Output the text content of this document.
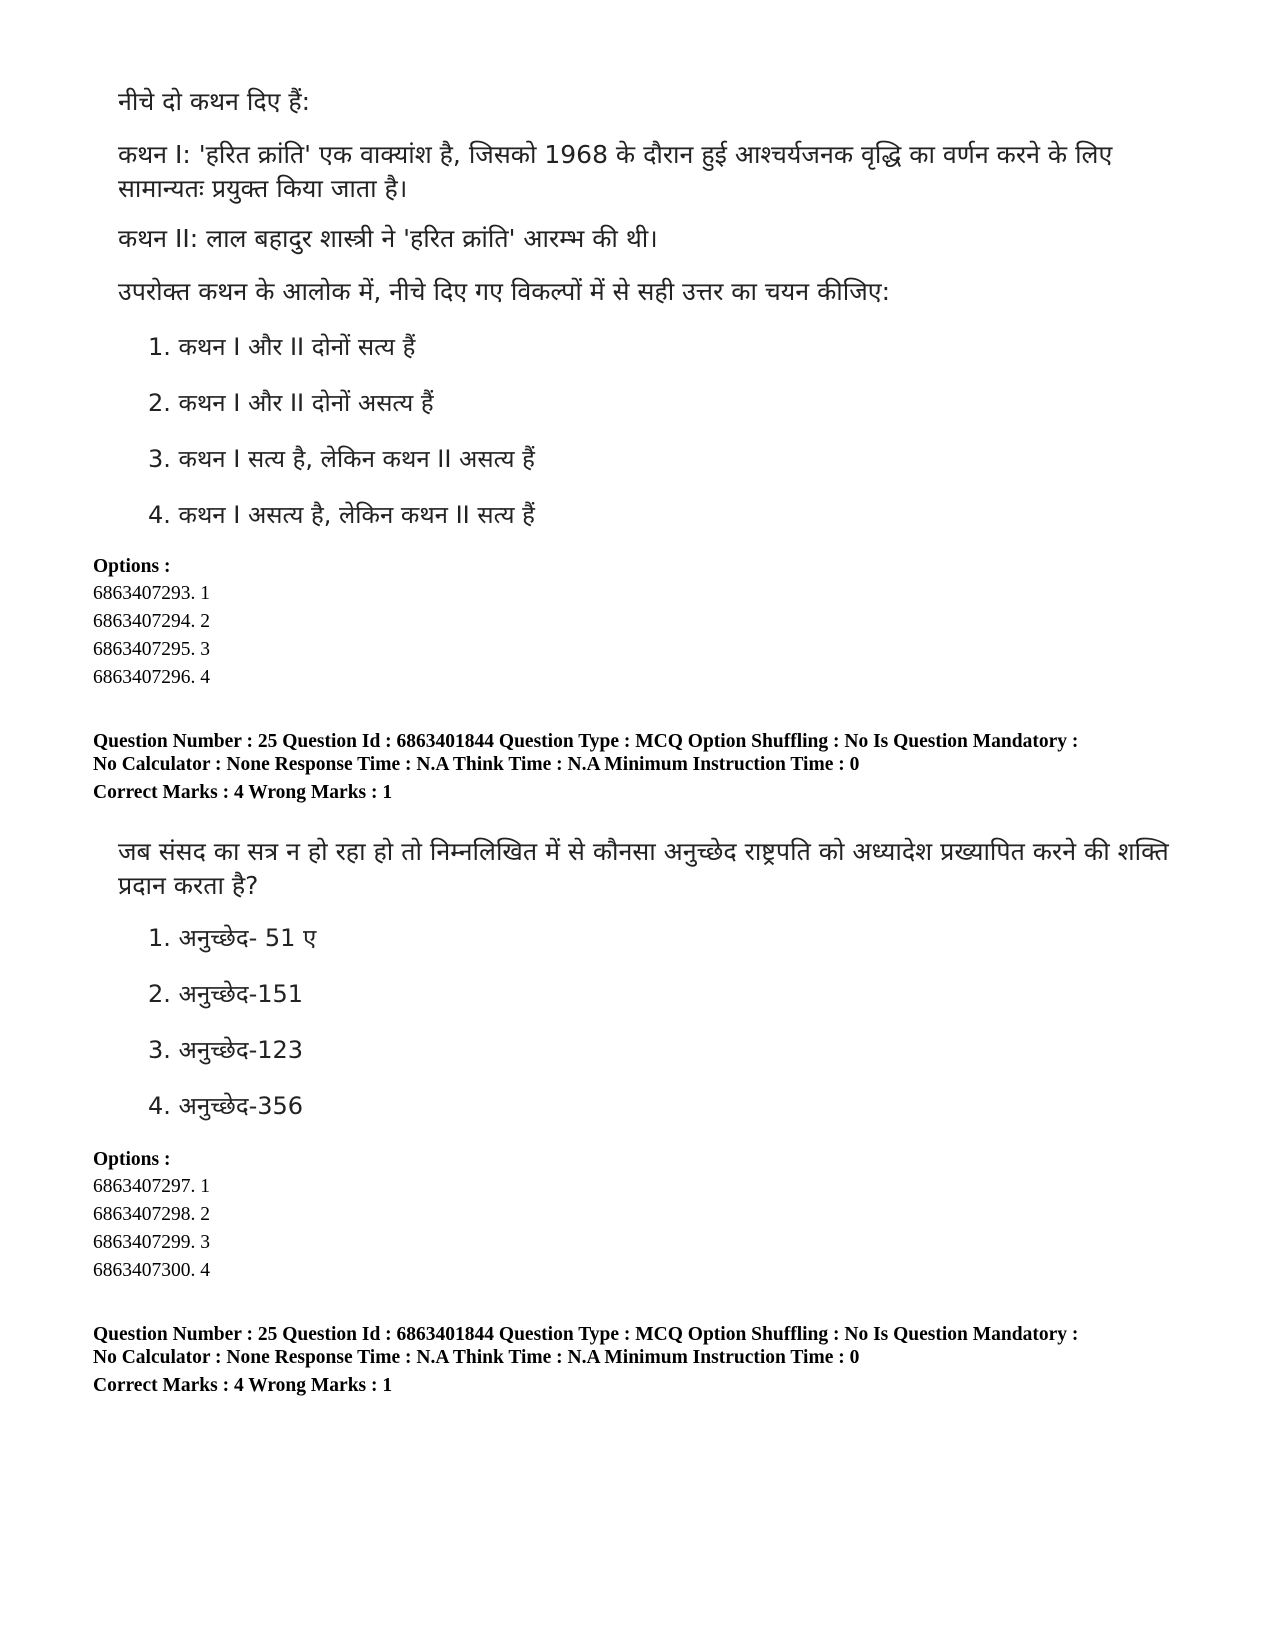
नीचे दो कथन दिए हैं:
कथन I: 'हरित क्रांति' एक वाक्यांश है, जिसको 1968 के दौरान हुई आश्चर्यजनक वृद्धि का वर्णन करने के लिए सामान्यतः प्रयुक्त किया जाता है।
कथन II: लाल बहादुर शास्त्री ने 'हरित क्रांति' आरम्भ की थी।
उपरोक्त कथन के आलोक में, नीचे दिए गए विकल्पों में से सही उत्तर का चयन कीजिए:
1. कथन I और II दोनों सत्य हैं
2. कथन I और II दोनों असत्य हैं
3. कथन I सत्य है, लेकिन कथन II असत्य हैं
4. कथन I असत्य है, लेकिन कथन II सत्य हैं
Options :
6863407293. 1
6863407294. 2
6863407295. 3
6863407296. 4
Question Number : 25 Question Id : 6863401844 Question Type : MCQ Option Shuffling : No Is Question Mandatory :
No Calculator : None Response Time : N.A Think Time : N.A Minimum Instruction Time : 0
Correct Marks : 4 Wrong Marks : 1
जब संसद का सत्र न हो रहा हो तो निम्नलिखित में से कौनसा अनुच्छेद राष्ट्रपति को अध्यादेश प्रख्यापित करने की शक्ति प्रदान करता है?
1. अनुच्छेद- 51 ए
2. अनुच्छेद-151
3. अनुच्छेद-123
4. अनुच्छेद-356
Options :
6863407297. 1
6863407298. 2
6863407299. 3
6863407300. 4
Question Number : 25 Question Id : 6863401844 Question Type : MCQ Option Shuffling : No Is Question Mandatory :
No Calculator : None Response Time : N.A Think Time : N.A Minimum Instruction Time : 0
Correct Marks : 4 Wrong Marks : 1
